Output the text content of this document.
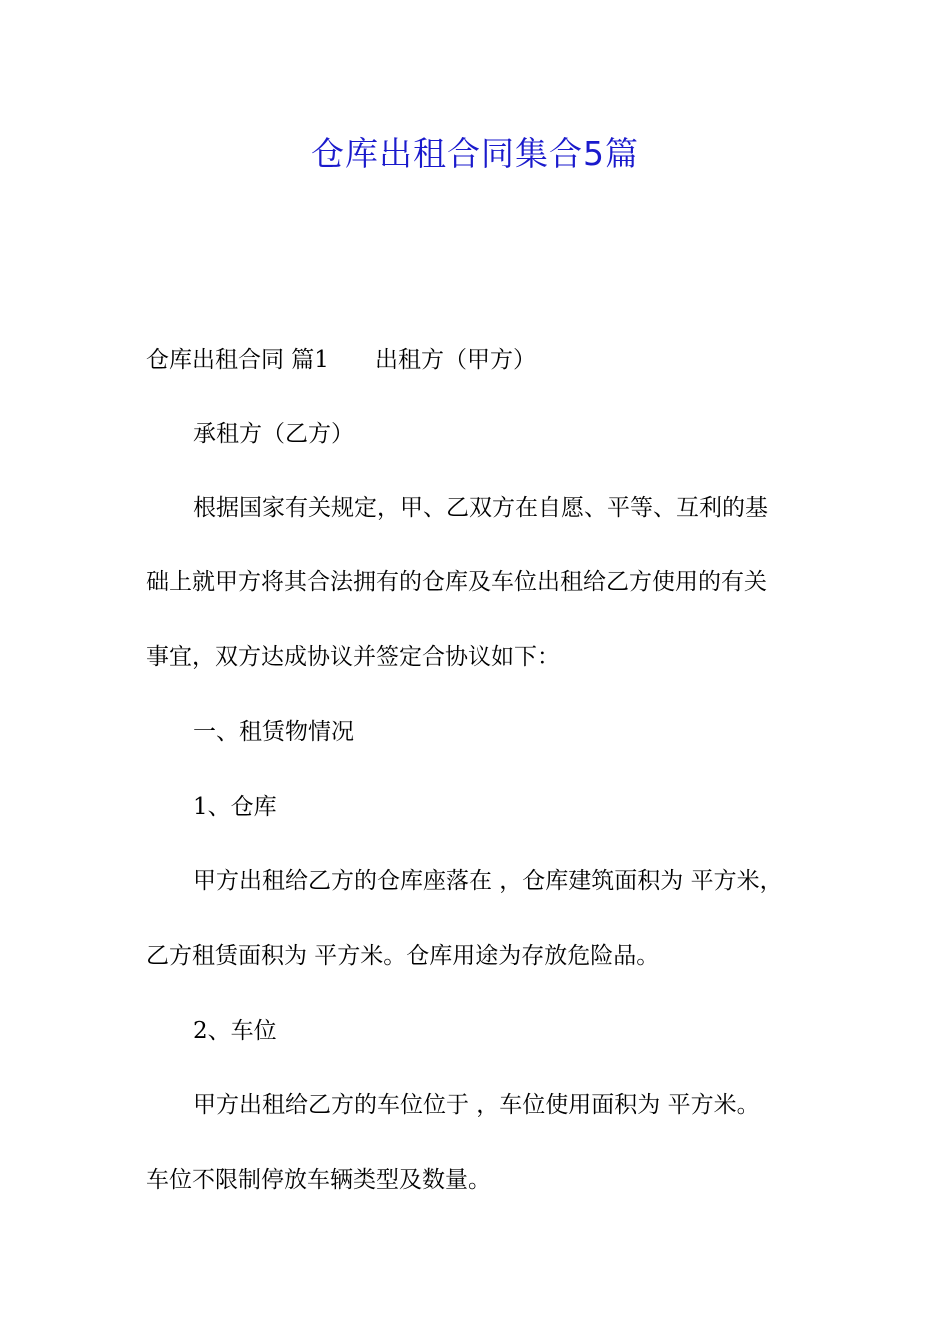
仓库出租合同集合5篇

仓库出租合同 篇1 出租方（甲方）

承租方（乙方）

根据国家有关规定，甲、乙双方在自愿、平等、互利的基

础上就甲方将其合法拥有的仓库及车位出租给乙方使用的有关

事宜，双方达成协议并签定合协议如下：

一、租赁物情况

1、仓库

甲方出租给乙方的仓库座落在 ，仓库建筑面积为 平方米，

乙方租赁面积为 平方米。仓库用途为存放危险品。

2、车位

甲方出租给乙方的车位位于 ，车位使用面积为 平方米。

车位不限制停放车辆类型及数量。
